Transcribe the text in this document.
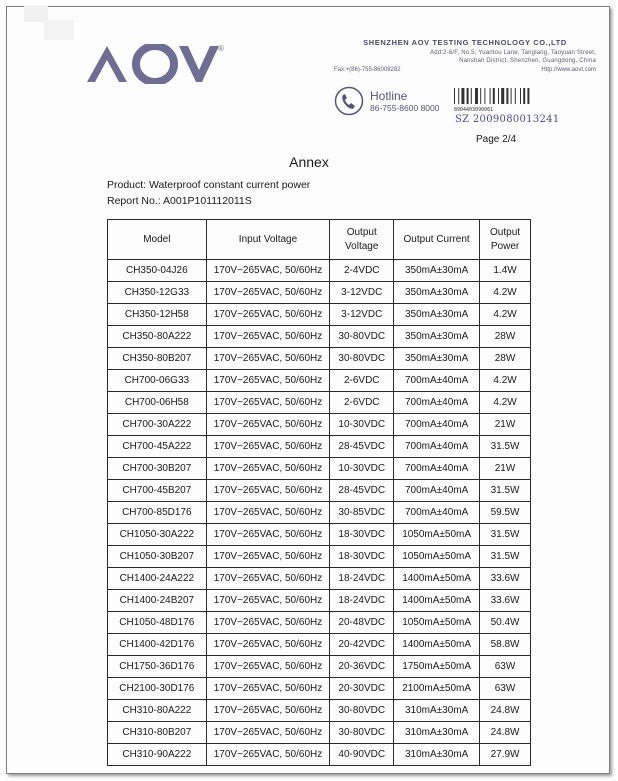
®
SHENZHEN AOV TESTING TECHNOLOGY CO.,LTD
Add:2-6/F, No.5, Yuantou Lane, Tanglang, Taoyuan Street,
Nanshan District, Shenzhen, Guangdong, China
Fax:+(86)-755-86008282	Http://www.aovt.com
Hotline
86-755-8600 8000	8904403090061
SZ 2009080013241
Page 2/4
Annex
Product: Waterproof constant current power
Report No.: A001P101112011S
Model	Input Voltage	Output Voltage	Output Current	Output Power
CH350-04J26	170V~265VAC, 50/60Hz	2-4VDC	350mA±30mA	1.4W
CH350-12G33	170V~265VAC, 50/60Hz	3-12VDC	350mA±30mA	4.2W
CH350-12H58	170V~265VAC, 50/60Hz	3-12VDC	350mA±30mA	4.2W
CH350-80A222	170V~265VAC, 50/60Hz	30-80VDC	350mA±30mA	28W
CH350-80B207	170V~265VAC, 50/60Hz	30-80VDC	350mA±30mA	28W
CH700-06G33	170V~265VAC, 50/60Hz	2-6VDC	700mA±40mA	4.2W
CH700-06H58	170V~265VAC, 50/60Hz	2-6VDC	700mA±40mA	4.2W
CH700-30A222	170V~265VAC, 50/60Hz	10-30VDC	700mA±40mA	21W
CH700-45A222	170V~265VAC, 50/60Hz	28-45VDC	700mA±40mA	31.5W
CH700-30B207	170V~265VAC, 50/60Hz	10-30VDC	700mA±40mA	21W
CH700-45B207	170V~265VAC, 50/60Hz	28-45VDC	700mA±40mA	31.5W
CH700-85D176	170V~265VAC, 50/60Hz	30-85VDC	700mA±40mA	59.5W
CH1050-30A222	170V~265VAC, 50/60Hz	18-30VDC	1050mA±50mA	31.5W
CH1050-30B207	170V~265VAC, 50/60Hz	18-30VDC	1050mA±50mA	31.5W
CH1400-24A222	170V~265VAC, 50/60Hz	18-24VDC	1400mA±50mA	33.6W
CH1400-24B207	170V~265VAC, 50/60Hz	18-24VDC	1400mA±50mA	33.6W
CH1050-48D176	170V~265VAC, 50/60Hz	20-48VDC	1050mA±50mA	50.4W
CH1400-42D176	170V~265VAC, 50/60Hz	20-42VDC	1400mA±50mA	58.8W
CH1750-36D176	170V~265VAC, 50/60Hz	20-36VDC	1750mA±50mA	63W
CH2100-30D176	170V~265VAC, 50/60Hz	20-30VDC	2100mA±50mA	63W
CH310-80A222	170V~265VAC, 50/60Hz	30-80VDC	310mA±30mA	24.8W
CH310-80B207	170V~265VAC, 50/60Hz	30-80VDC	310mA±30mA	24.8W
CH310-90A222	170V~265VAC, 50/60Hz	40-90VDC	310mA±30mA	27.9W
